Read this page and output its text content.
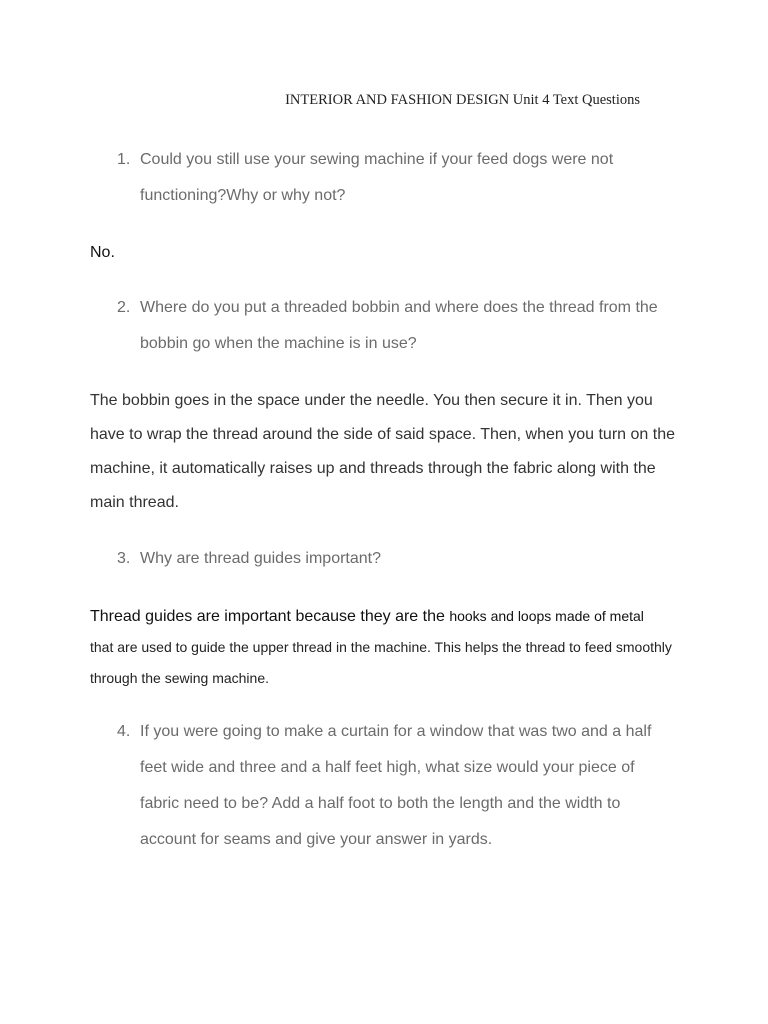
INTERIOR AND FASHION DESIGN Unit 4 Text Questions
1. Could you still use your sewing machine if your feed dogs were not functioning?Why or why not?
No.
2. Where do you put a threaded bobbin and where does the thread from the bobbin go when the machine is in use?
The bobbin goes in the space under the needle. You then secure it in. Then you have to wrap the thread around the side of said space. Then, when you turn on the machine, it automatically raises up and threads through the fabric along with the main thread.
3. Why are thread guides important?
Thread guides are important because they are the hooks and loops made of metal
that are used to guide the upper thread in the machine. This helps the thread to feed smoothly through the sewing machine.
4. If you were going to make a curtain for a window that was two and a half feet wide and three and a half feet high, what size would your piece of fabric need to be? Add a half foot to both the length and the width to account for seams and give your answer in yards.
